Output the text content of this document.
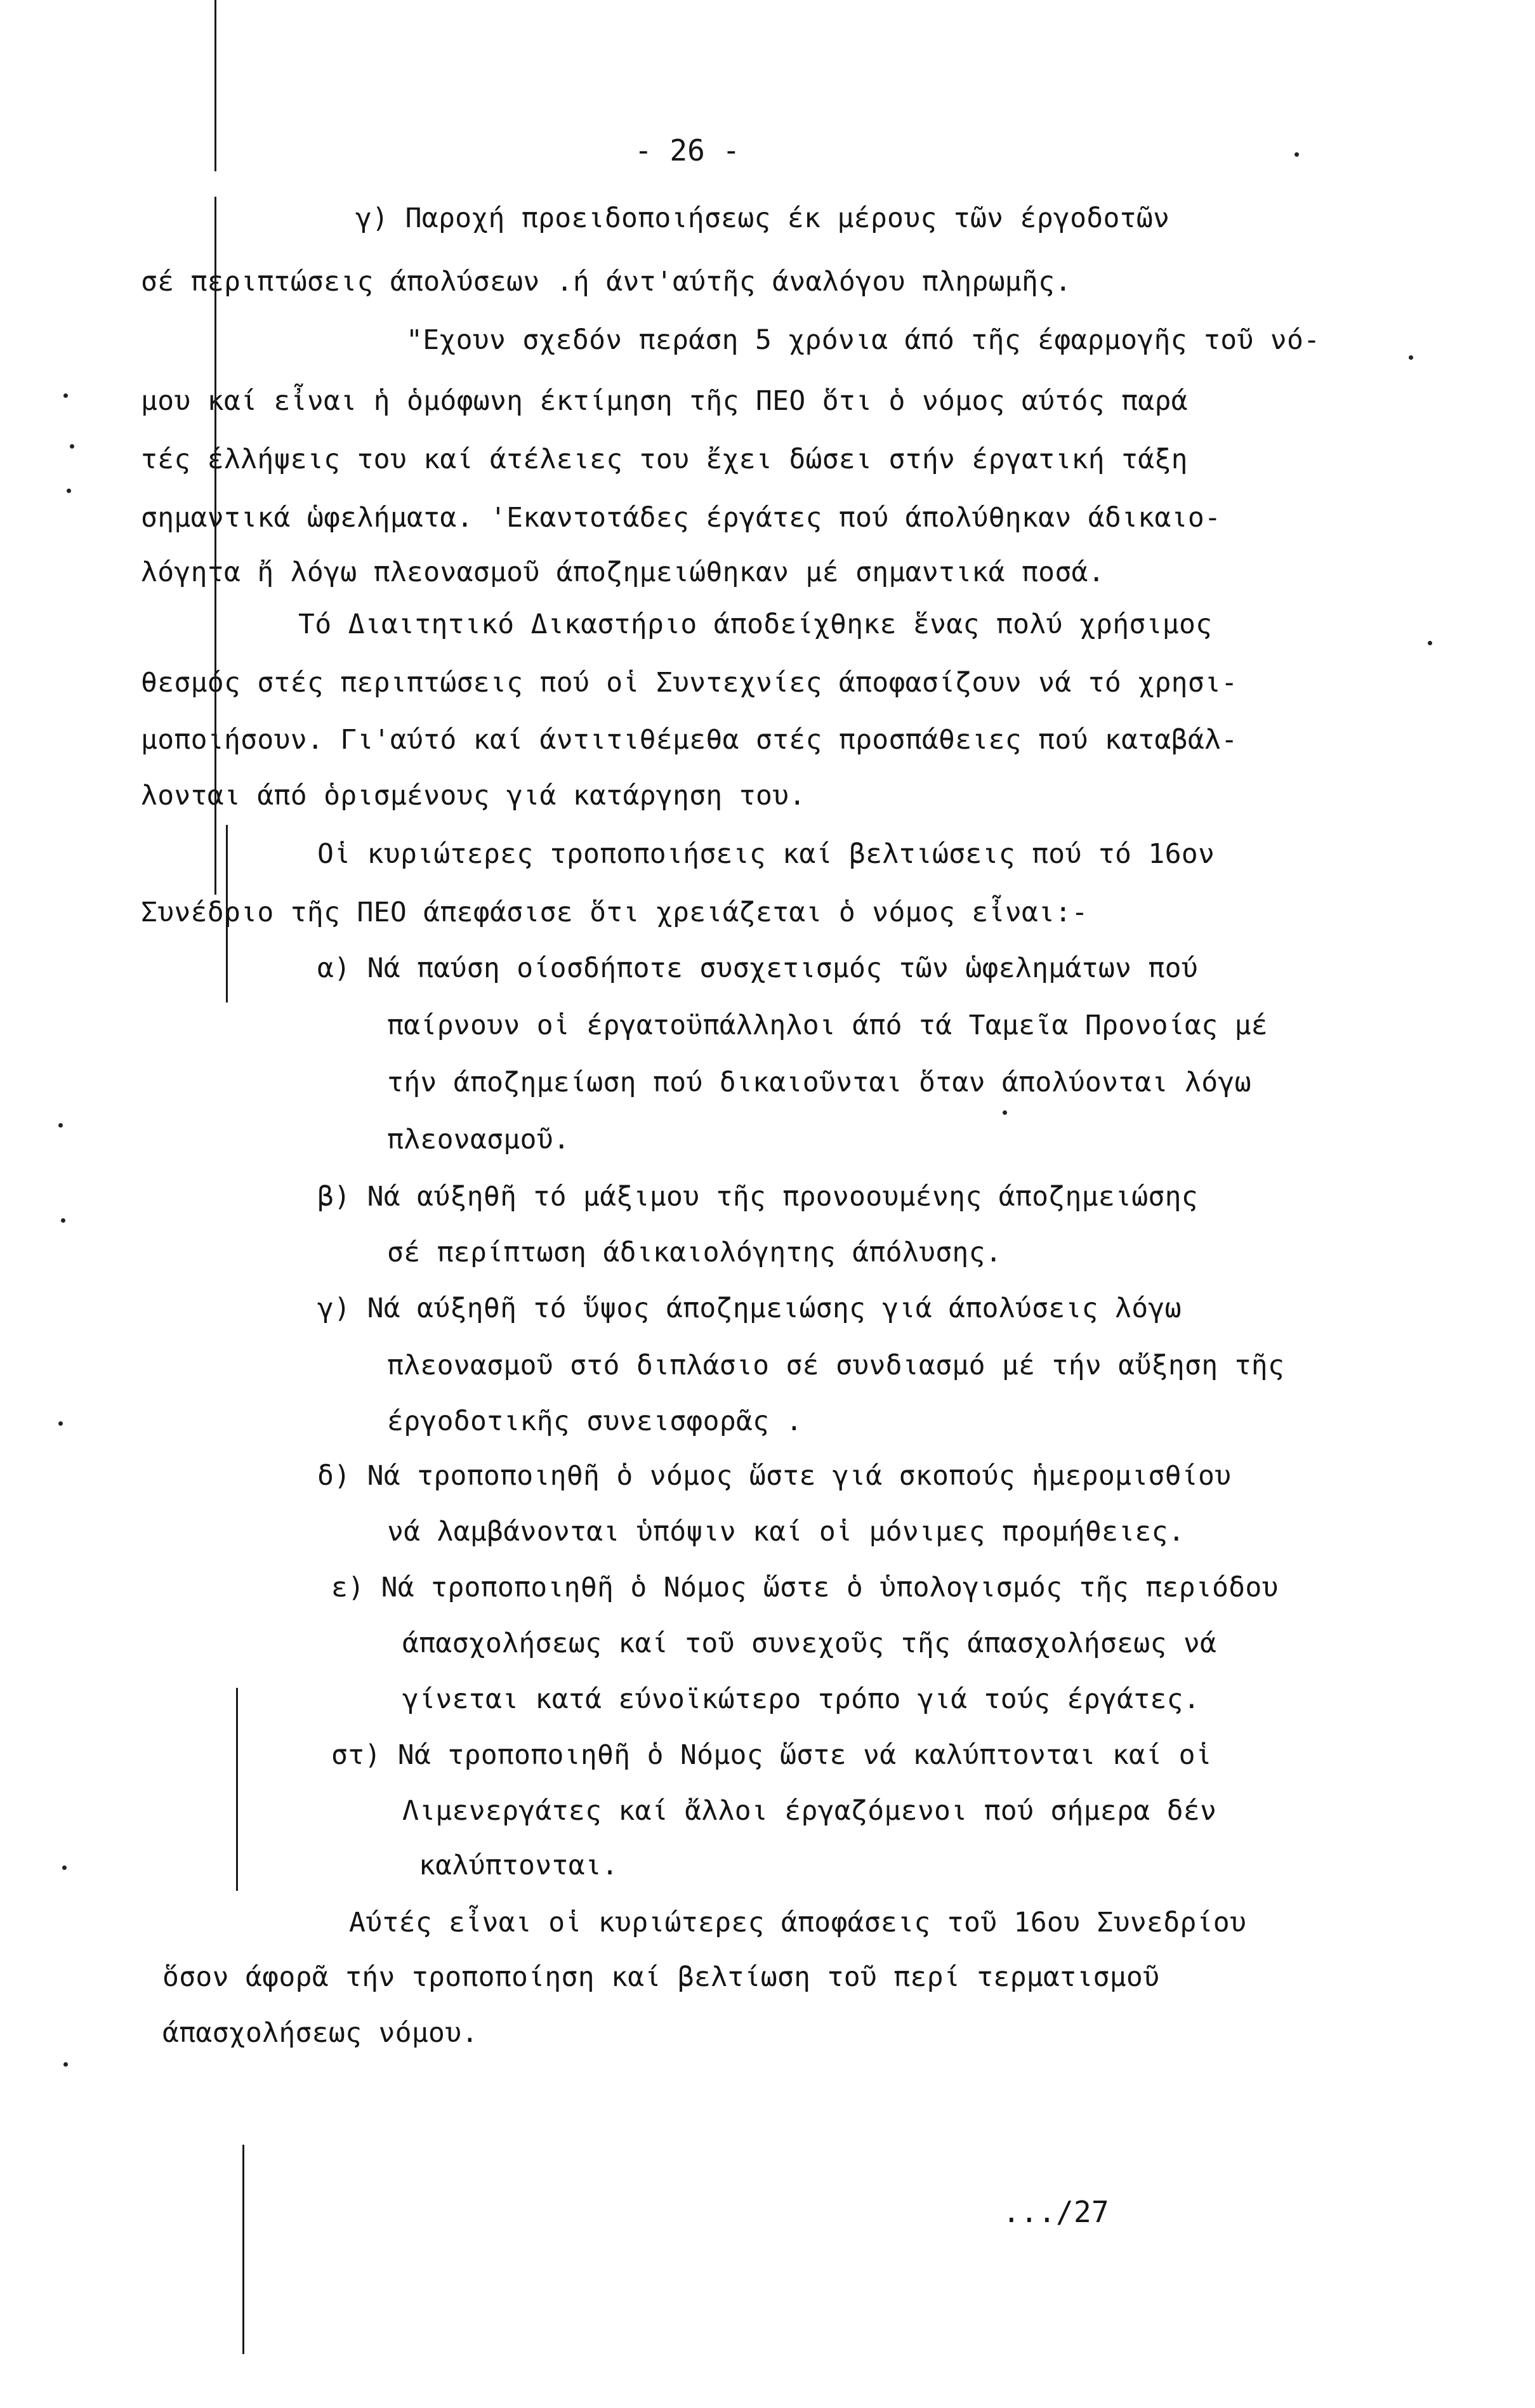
- 26 -
γ) Παροχή προειδοποιήσεως έκ μέρους τῶν έργοδοτῶν
σέ περιπτώσεις άπολύσεων .ή άντ'αύτῆς άναλόγου πληρωμῆς.
"Εχουν σχεδόν περάση 5 χρόνια άπό τῆς έφαρμογῆς τοῦ νό-
μου καί εἶναι ἡ ὁμόφωνη έκτίμηση τῆς ΠΕΟ ὅτι ὁ νόμος αύτός παρά
τές έλλήψεις του καί άτέλειες του ἔχει δώσει στήν έργατική τάξη
σημαντικά ὡφελήματα. 'Εκαντοτάδες έργάτες πού άπολύθηκαν άδικαιο-
λόγητα ἤ λόγω πλεονασμοῦ άποζημειώθηκαν μέ σημαντικά ποσά.
Τό Διαιτητικό Δικαστήριο άποδείχθηκε ἕνας πολύ χρήσιμος
θεσμός στές περιπτώσεις πού οἱ Συντεχνίες άποφασίζουν νά τό χρησι-
μοποιήσουν. Γι'αύτό καί άντιτιθέμεθα στές προσπάθειες πού καταβάλ-
λονται άπό ὁρισμένους γιά κατάργηση του.
Οἱ κυριώτερες τροποποιήσεις καί βελτιώσεις πού τό 16ον
Συνέδριο τῆς ΠΕΟ άπεφάσισε ὅτι χρειάζεται ὁ νόμος εἶναι:-
α) Νά παύση οίοσδήποτε συσχετισμός τῶν ὡφελημάτων πού
παίρνουν οἱ έργατοϋπάλληλοι άπό τά Ταμεῖα Προνοίας μέ
τήν άποζημείωση πού δικαιοῦνται ὅταν άπολύονται λόγω
πλεονασμοῦ.
β) Νά αύξηθῆ τό μάξιμου τῆς προνοουμένης άποζημειώσης
σέ περίπτωση άδικαιολόγητης άπόλυσης.
γ) Νά αύξηθῆ τό ὕψος άποζημειώσης γιά άπολύσεις λόγω
πλεονασμοῦ στό διπλάσιο σέ συνδιασμό μέ τήν αὔξηση τῆς
έργοδοτικῆς συνεισφορᾶς .
δ) Νά τροποποιηθῆ ὁ νόμος ὥστε γιά σκοπούς ἡμερομισθίου
νά λαμβάνονται ὑπόψιν καί οἱ μόνιμες προμήθειες.
ε) Νά τροποποιηθῆ ὁ Νόμος ὥστε ὁ ὑπολογισμός τῆς περιόδου
άπασχολήσεως καί τοῦ συνεχοῦς τῆς άπασχολήσεως νά
γίνεται κατά εύνοϊκώτερο τρόπο γιά τούς έργάτες.
στ) Νά τροποποιηθῆ ὁ Νόμος ὥστε νά καλύπτονται καί οἱ
Λιμενεργάτες καί ἄλλοι έργαζόμενοι πού σήμερα δέν
καλύπτονται.
Αύτές εἶναι οἱ κυριώτερες άποφάσεις τοῦ 16ου Συνεδρίου
ὅσον άφορᾶ τήν τροποποίηση καί βελτίωση τοῦ περί τερματισμοῦ
άπασχολήσεως νόμου.
.../27
